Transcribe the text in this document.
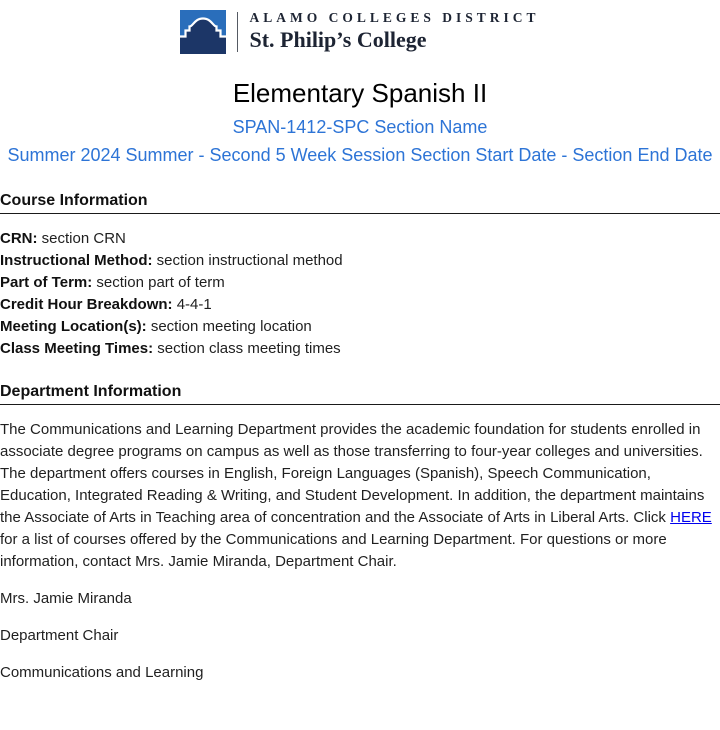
ALAMO COLLEGES DISTRICT
St. Philip’s College
Elementary Spanish II

SPAN-1412-SPC Section Name

Summer 2024 Summer - Second 5 Week Session Section Start Date - Section End Date

Course Information
CRN: section CRN
Instructional Method: section instructional method
Part of Term: section part of term
Credit Hour Breakdown: 4-4-1
Meeting Location(s): section meeting location
Class Meeting Times: section class meeting times
Department Information

The Communications and Learning Department provides the academic foundation for students enrolled in associate degree programs on campus as well as those transferring to four-year colleges and universities. The department offers courses in English, Foreign Languages (Spanish), Speech Communication, Education, Integrated Reading & Writing, and Student Development. In addition, the department maintains the Associate of Arts in Teaching area of concentration and the Associate of Arts in Liberal Arts. Click HERE for a list of courses offered by the Communications and Learning Department. For questions or more information, contact Mrs. Jamie Miranda, Department Chair.

Mrs. Jamie Miranda

Department Chair

Communications and Learning
